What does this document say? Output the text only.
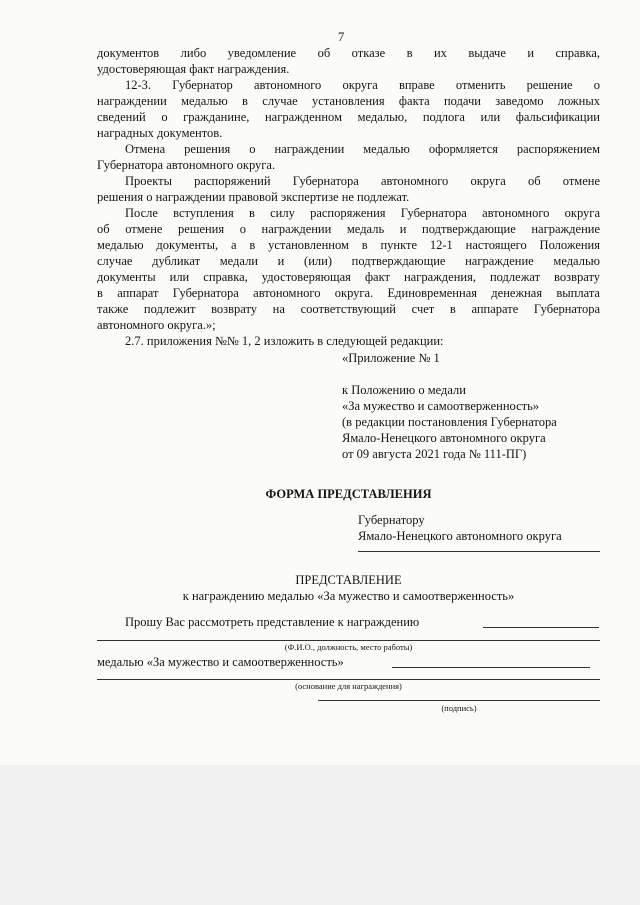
7
документов либо уведомление об отказе в их выдаче и справка,
удостоверяющая факт награждения.
12-3. Губернатор автономного округа вправе отменить решение о
награждении медалью в случае установления факта подачи заведомо ложных
сведений о гражданине, награжденном медалью, подлога или фальсификации
наградных документов.
Отмена решения о награждении медалью оформляется распоряжением
Губернатора автономного округа.
Проекты распоряжений Губернатора автономного округа об отмене
решения о награждении правовой экспертизе не подлежат.
После вступления в силу распоряжения Губернатора автономного округа
об отмене решения о награждении медаль и подтверждающие награждение
медалью документы, а в установленном в пункте 12-1 настоящего Положения
случае дубликат медали и (или) подтверждающие награждение медалью
документы или справка, удостоверяющая факт награждения, подлежат возврату
в аппарат Губернатора автономного округа. Единовременная денежная выплата
также подлежит возврату на соответствующий счет в аппарате Губернатора
автономного округа.»;
2.7. приложения №№ 1, 2 изложить в следующей редакции:
«Приложение № 1
к Положению о медали
«За мужество и самоотверженность»
(в редакции постановления Губернатора
Ямало-Ненецкого автономного округа
от 09 августа 2021 года № 111-ПГ)
ФОРМА ПРЕДСТАВЛЕНИЯ
Губернатору
Ямало-Ненецкого автономного округа
ПРЕДСТАВЛЕНИЕ
к награждению медалью «За мужество и самоотверженность»
Прошу Вас рассмотреть представление к награждению
(Ф.И.О., должность, место работы)
медалью «За мужество и самоотверженность»
(основание для награждения)
(подпись)
